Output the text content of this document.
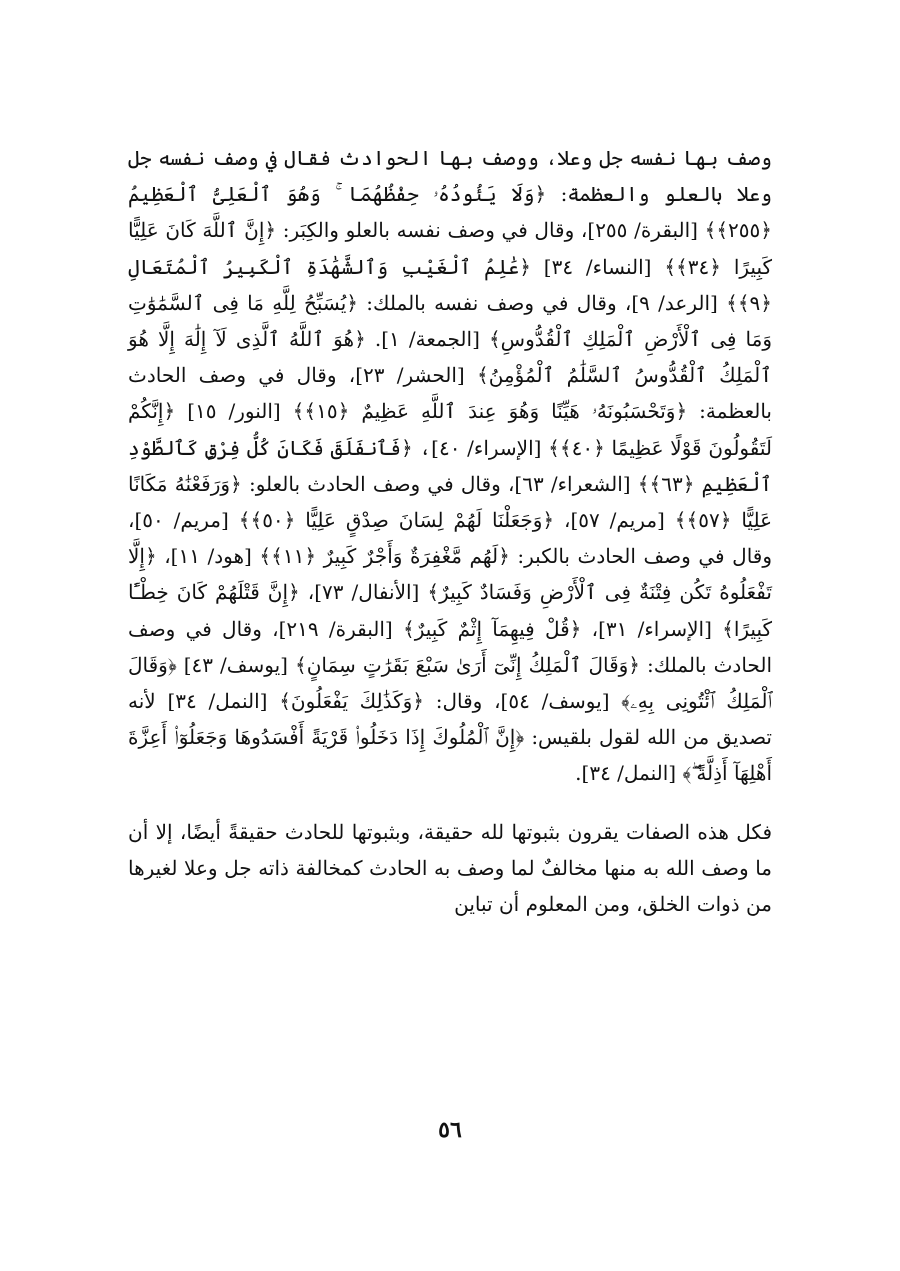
وصف بها نفسه جل وعلا، ووصف بها الحوادث فقال في وصف نفسه جل وعلا بالعلو والعظمة: ﴿وَلَا يَئُودُهُۥ حِفْظُهُمَا ۚ وَهُوَ ٱلْعَلِىُّ ٱلْعَظِيمُ ﴿٢٥٥﴾﴾ [البقرة/ ٢٥٥]، وقال في وصف نفسه بالعلو والكِبَر: ﴿إِنَّ ٱللَّهَ كَانَ عَلِيًّا كَبِيرًا ﴿٣٤﴾﴾ [النساء/ ٣٤] ﴿عَٰلِمُ ٱلْغَيْبِ وَٱلشَّهَٰدَةِ ٱلْكَبِيرُ ٱلْمُتَعَالِ ﴿٩﴾﴾ [الرعد/ ٩]، وقال في وصف نفسه بالملك: ﴿يُسَبِّحُ لِلَّهِ مَا فِى ٱلسَّمَٰوَٰتِ وَمَا فِى ٱلْأَرْضِ ٱلْمَلِكِ ٱلْقُدُّوسِ﴾ [الجمعة/ ١]. ﴿هُوَ ٱللَّهُ ٱلَّذِى لَآ إِلَٰهَ إِلَّا هُوَ ٱلْمَلِكُ ٱلْقُدُّوسُ ٱلسَّلَٰمُ ٱلْمُؤْمِنُ﴾ [الحشر/ ٢٣]، وقال في وصف الحادث بالعظمة: ﴿وَتَحْسَبُونَهُۥ هَيِّنًا وَهُوَ عِندَ ٱللَّهِ عَظِيمٌ ﴿١٥﴾﴾ [النور/ ١٥] ﴿إِنَّكُمْ لَتَقُولُونَ قَوْلًا عَظِيمًا ﴿٤٠﴾﴾ [الإسراء/ ٤٠]، ﴿فَٱنفَلَقَ فَكَانَ كُلُّ فِرْقٍ كَٱلطَّوْدِ ٱلْعَظِيمِ ﴿٦٣﴾﴾ [الشعراء/ ٦٣]، وقال في وصف الحادث بالعلو: ﴿وَرَفَعْنَٰهُ مَكَانًا عَلِيًّا ﴿٥٧﴾﴾ [مريم/ ٥٧]، ﴿وَجَعَلْنَا لَهُمْ لِسَانَ صِدْقٍ عَلِيًّا ﴿٥٠﴾﴾ [مريم/ ٥٠]، وقال في وصف الحادث بالكبر: ﴿لَهُم مَّغْفِرَةٌ وَأَجْرٌ كَبِيرٌ ﴿١١﴾﴾ [هود/ ١١]، ﴿إِلَّا تَفْعَلُوهُ تَكُن فِتْنَةٌ فِى ٱلْأَرْضِ وَفَسَادٌ كَبِيرٌ﴾ [الأنفال/ ٧٣]، ﴿إِنَّ قَتْلَهُمْ كَانَ خِطْـًٔا كَبِيرًا﴾ [الإسراء/ ٣١]، ﴿قُلْ فِيهِمَآ إِثْمٌ كَبِيرٌ﴾ [البقرة/ ٢١٩]، وقال في وصف الحادث بالملك: ﴿وَقَالَ ٱلْمَلِكُ إِنِّىٓ أَرَىٰ سَبْعَ بَقَرَٰتٍ سِمَانٍ﴾ [يوسف/ ٤٣] ﴿وَقَالَ ٱلْمَلِكُ ٱئْتُونِى بِهِۦ﴾ [يوسف/ ٥٤]، وقال: ﴿وَكَذَٰلِكَ يَفْعَلُونَ﴾ [النمل/ ٣٤] لأنه تصديق من الله لقول بلقيس: ﴿إِنَّ ٱلْمُلُوكَ إِذَا دَخَلُوا۟ قَرْيَةً أَفْسَدُوهَا وَجَعَلُوٓا۟ أَعِزَّةَ أَهْلِهَآ أَذِلَّةً ۖ﴾ [النمل/ ٣٤].

فكل هذه الصفات يقرون بثبوتها لله حقيقة، وبثبوتها للحادث حقيقةً أيضًا، إلا أن ما وصف الله به منها مخالفٌ لما وصف به الحادث كمخالفة ذاته جل وعلا لغيرها من ذوات الخلق، ومن المعلوم أن تباين

٥٦
